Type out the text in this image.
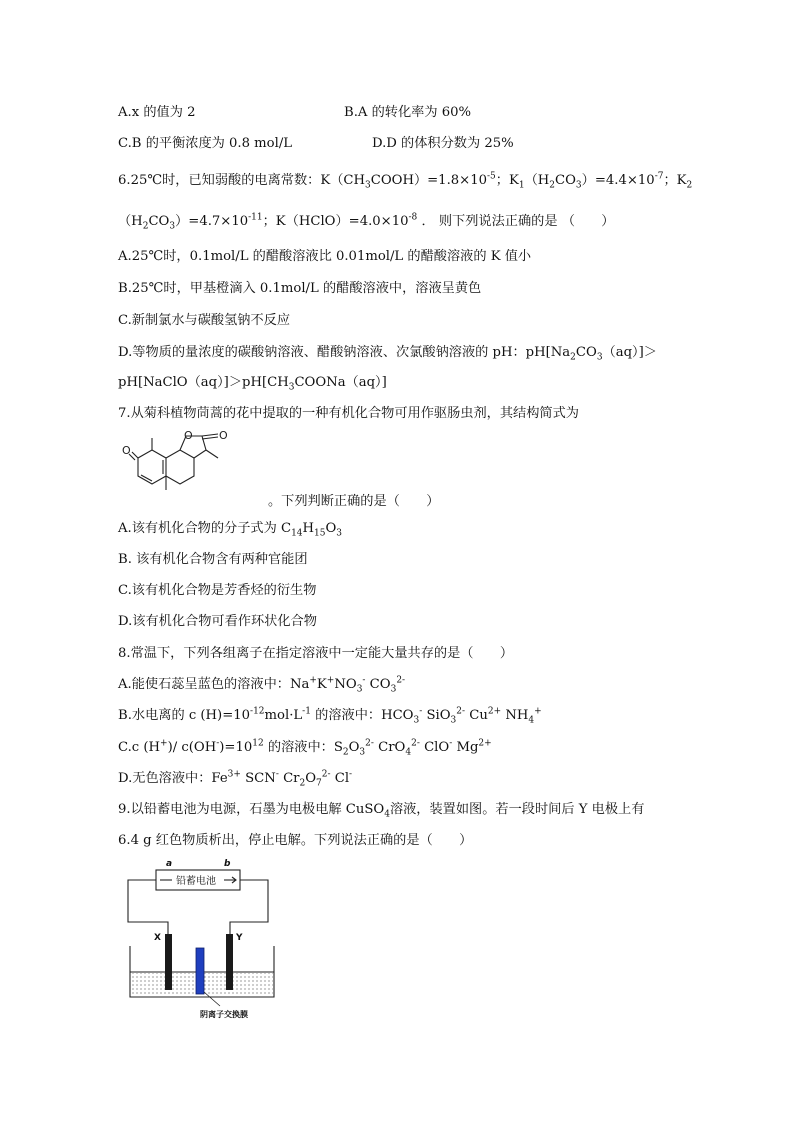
A.x 的值为 2	B.A 的转化率为 60%
C.B 的平衡浓度为 0.8 mol/L	D.D 的体积分数为 25%
6.25℃时，已知弱酸的电离常数：$K(CH_3COOH)=1.8\times 10^{-5}$；$K_1(H_2CO_3)=4.4\times 10^{-7}$；$K_2$
$(H_2CO_3)=4.7\times 10^{-11}$；$K(HClO)=4.0\times 10^{-8}$ ． 则下列说法正确的是 （　　）
A.25℃时，0.1mol/L 的醋酸溶液比 0.01mol/L 的醋酸溶液的 K 值小
B.25℃时，甲基橙滴入 0.1mol/L 的醋酸溶液中，溶液呈黄色
C.新制氯水与碳酸氢钠不反应
D.等物质的量浓度的碳酸钠溶液、醋酸钠溶液、次氯酸钠溶液的 pH：$pH[Na_2CO_3(aq)]>$
$pH[NaClO(aq)]>pH[CH_3COONa(aq)]$
7.从菊科植物茼蒿的花中提取的一种有机化合物可用作驱肠虫剂，其结构简式为
O
O O
。下列判断正确的是（　　）
A.该有机化合物的分子式为 $C_{14}H_{15}O_3$
B. 该有机化合物含有两种官能团
C.该有机化合物是芳香烃的衍生物
D.该有机化合物可看作环状化合物
8.常温下，下列各组离子在指定溶液中一定能大量共存的是（　　）
A.能使石蕊呈蓝色的溶液中：$Na^+K^+NO_3^-$ $CO_3^{2-}$
B.水电离的 c $(H)=10^{-12}mol\cdot L^{-1}$ 的溶液中：$HCO_3^-$ SiO$_3^{2-}$ $Cu^{2+}$ $NH_4^+$
C.c (H+)/ $c(OH^-)=10^{12}$ 的溶液中：$S_2O_3^{2-}$ CrO$_4^{2-}$ ClO- $Mg^{2+}$
D.无色溶液中：$Fe^{3+}$ SCN- $Cr_2O_7^{2-}$ Cl-
9.以铅蓄电池为电源，石墨为电极电解 CuSO$_4$溶液，装置如图。若一段时间后 Y 电极上有
6.4 g 红色物质析出，停止电解。下列说法正确的是（　　）
a	b
铅蓄电池
X	Y
阴离子交换膜
